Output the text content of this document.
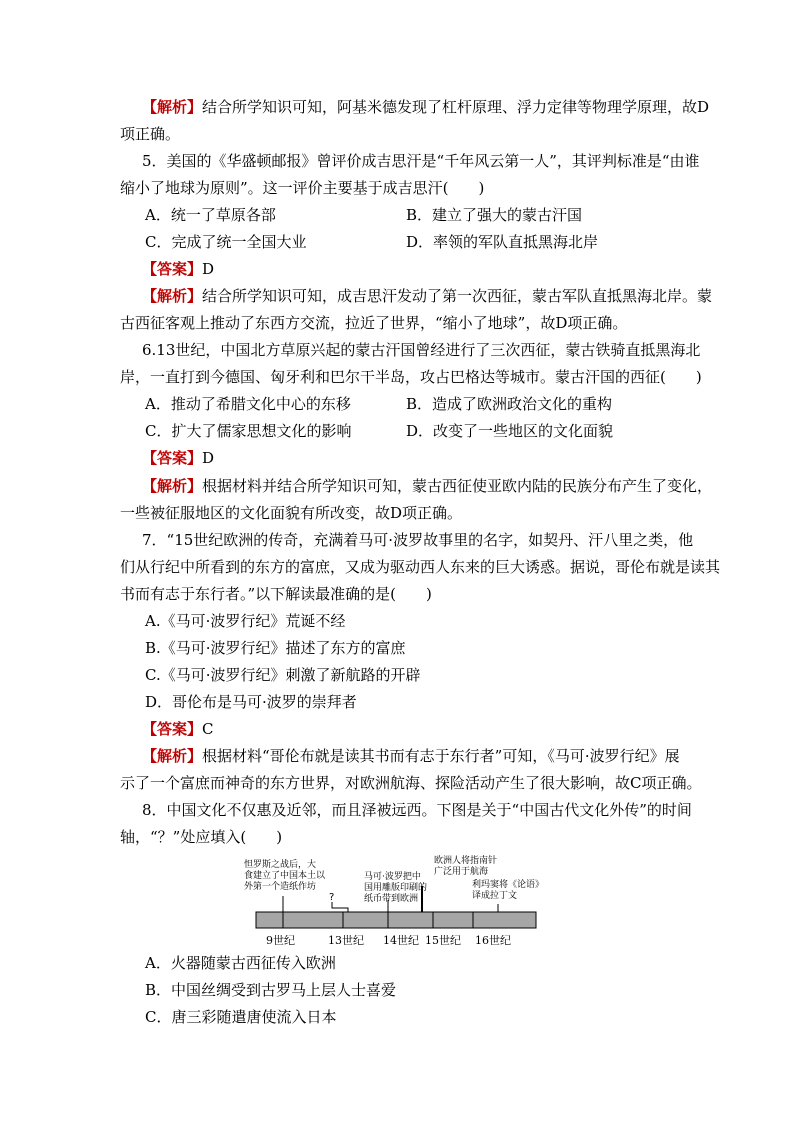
【解析】结合所学知识可知，阿基米德发现了杠杆原理、浮力定律等物理学原理，故D
项正确。
5．美国的《华盛顿邮报》曾评价成吉思汗是“千年风云第一人”，其评判标准是“由谁
缩小了地球为原则”。这一评价主要基于成吉思汗(　　)
A．统一了草原各部	B．建立了强大的蒙古汗国
C．完成了统一全国大业	D．率领的军队直抵黑海北岸
【答案】D
【解析】结合所学知识可知，成吉思汗发动了第一次西征，蒙古军队直抵黑海北岸。蒙
古西征客观上推动了东西方交流，拉近了世界，“缩小了地球”，故D项正确。
6.13世纪，中国北方草原兴起的蒙古汗国曾经进行了三次西征，蒙古铁骑直抵黑海北
岸，一直打到今德国、匈牙利和巴尔干半岛，攻占巴格达等城市。蒙古汗国的西征(　　)
A．推动了希腊文化中心的东移	B．造成了欧洲政治文化的重构
C．扩大了儒家思想文化的影响	D．改变了一些地区的文化面貌
【答案】D
【解析】根据材料并结合所学知识可知，蒙古西征使亚欧内陆的民族分布产生了变化，
一些被征服地区的文化面貌有所改变，故D项正确。
7．“15世纪欧洲的传奇，充满着马可·波罗故事里的名字，如契丹、汗八里之类，他
们从行纪中所看到的东方的富庶，又成为驱动西人东来的巨大诱惑。据说，哥伦布就是读其
书而有志于东行者。”以下解读最准确的是(　　)
A.《马可·波罗行纪》荒诞不经
B.《马可·波罗行纪》描述了东方的富庶
C.《马可·波罗行纪》刺激了新航路的开辟
D．哥伦布是马可·波罗的崇拜者
【答案】C
【解析】根据材料“哥伦布就是读其书而有志于东行者”可知，《马可·波罗行纪》展
示了一个富庶而神奇的东方世界，对欧洲航海、探险活动产生了很大影响，故C项正确。
8．中国文化不仅惠及近邻，而且泽被远西。下图是关于“中国古代文化外传”的时间
轴，“？”处应填入(　　)
怛罗斯之战后，大
食建立了中国本土以
外第一个造纸作坊
?
马可·波罗把中
国用雕版印刷的
纸币带到欧洲
欧洲人将指南针
广泛用于航海
利玛窦将《论语》
译成拉丁文
9世纪	13世纪 14世纪 15世纪 16世纪
A．火器随蒙古西征传入欧洲
B．中国丝绸受到古罗马上层人士喜爱
C．唐三彩随遣唐使流入日本
